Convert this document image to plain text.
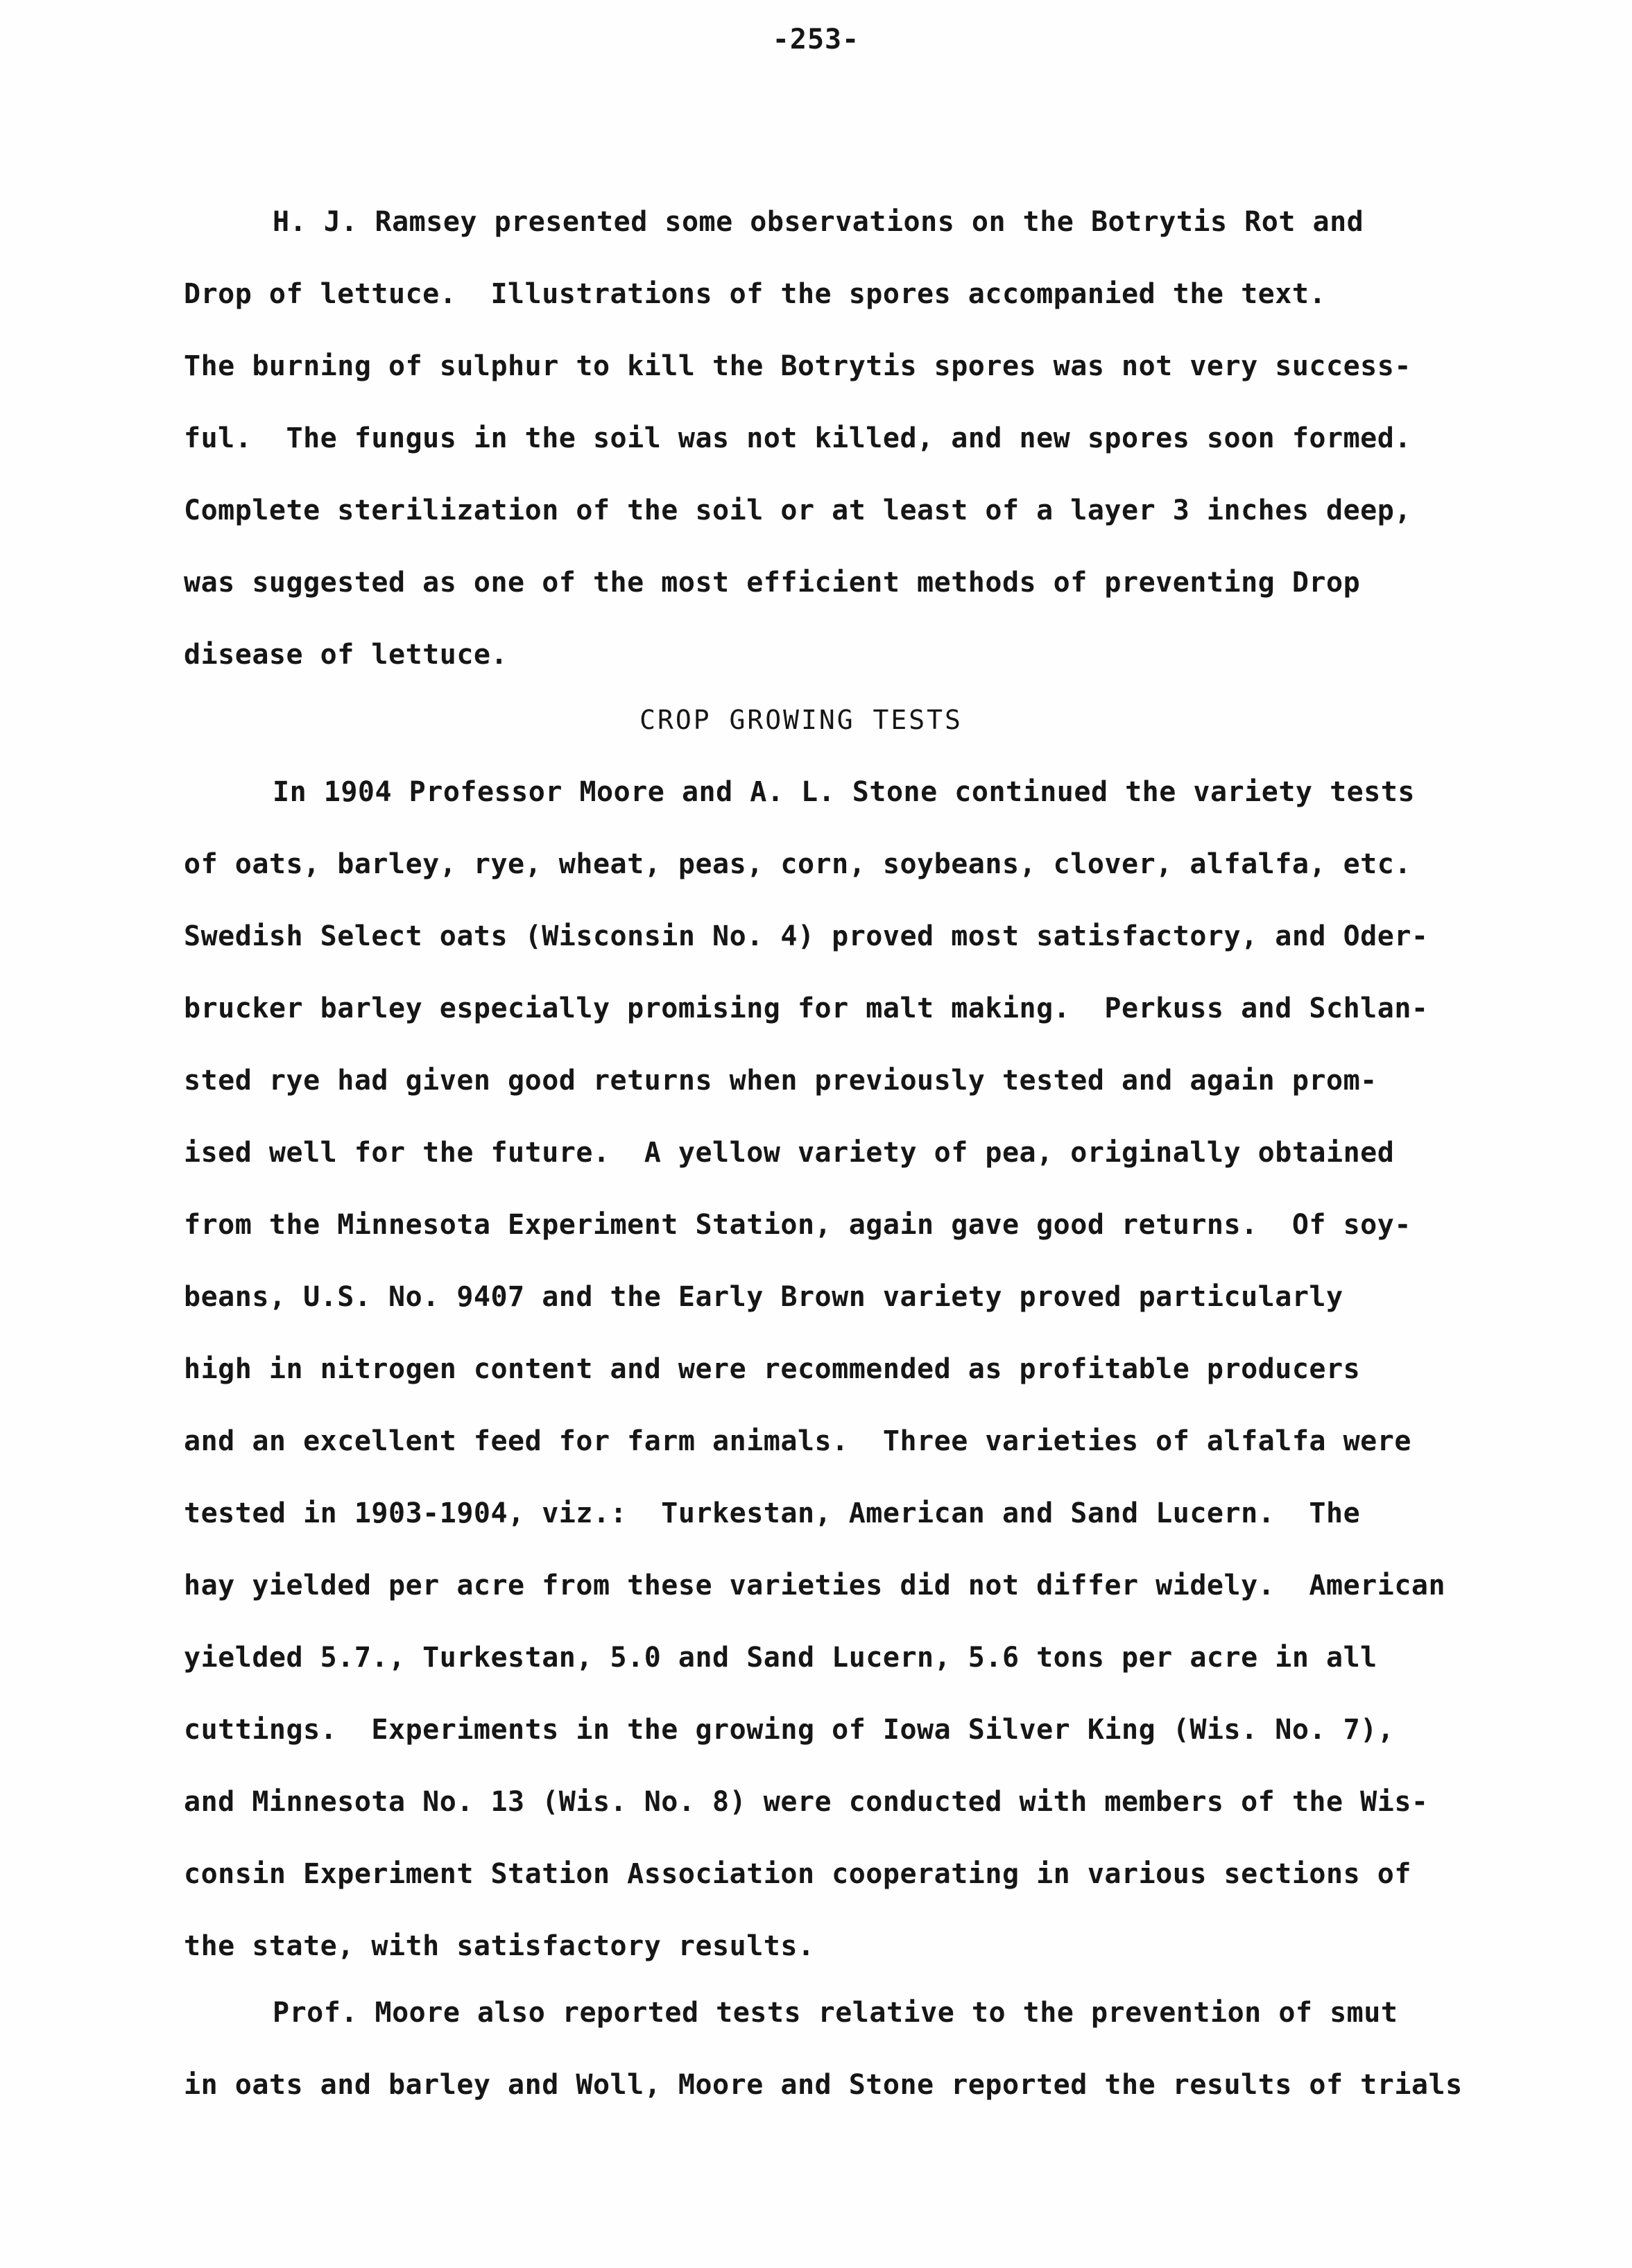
-253-
H. J. Ramsey presented some observations on the Botrytis Rot and
Drop of lettuce.  Illustrations of the spores accompanied the text.
The burning of sulphur to kill the Botrytis spores was not very success-
ful.  The fungus in the soil was not killed, and new spores soon formed.
Complete sterilization of the soil or at least of a layer 3 inches deep,
was suggested as one of the most efficient methods of preventing Drop
disease of lettuce.
CROP GROWING TESTS
In 1904 Professor Moore and A. L. Stone continued the variety tests
of oats, barley, rye, wheat, peas, corn, soybeans, clover, alfalfa, etc.
Swedish Select oats (Wisconsin No. 4) proved most satisfactory, and Oder-
brucker barley especially promising for malt making.  Perkuss and Schlan-
sted rye had given good returns when previously tested and again prom-
ised well for the future.  A yellow variety of pea, originally obtained
from the Minnesota Experiment Station, again gave good returns.  Of soy-
beans, U.S. No. 9407 and the Early Brown variety proved particularly
high in nitrogen content and were recommended as profitable producers
and an excellent feed for farm animals.  Three varieties of alfalfa were
tested in 1903-1904, viz.:  Turkestan, American and Sand Lucern.  The
hay yielded per acre from these varieties did not differ widely.  American
yielded 5.7., Turkestan, 5.0 and Sand Lucern, 5.6 tons per acre in all
cuttings.  Experiments in the growing of Iowa Silver King (Wis. No. 7),
and Minnesota No. 13 (Wis. No. 8) were conducted with members of the Wis-
consin Experiment Station Association cooperating in various sections of
the state, with satisfactory results.
Prof. Moore also reported tests relative to the prevention of smut
in oats and barley and Woll, Moore and Stone reported the results of trials
